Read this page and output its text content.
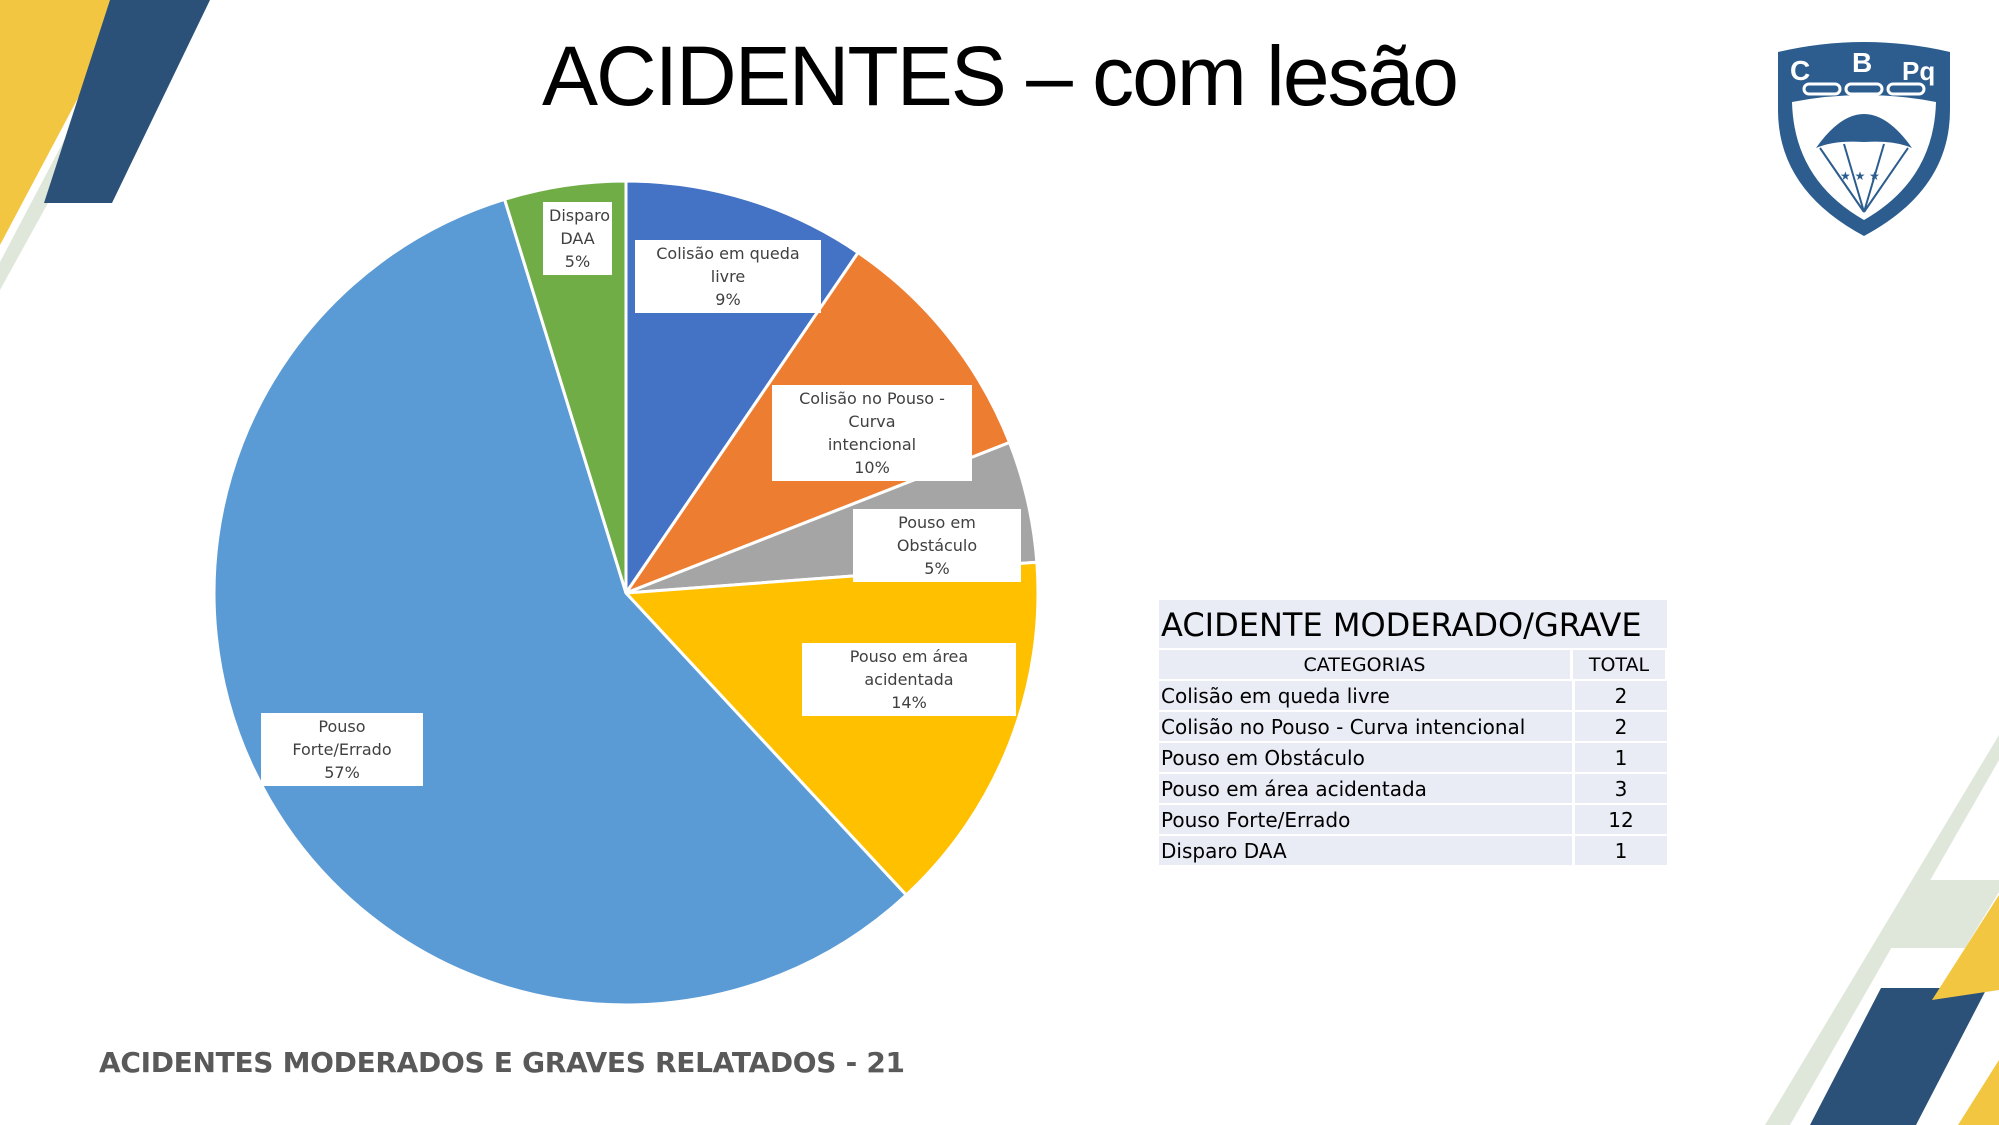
ACIDENTES – com lesão	C B Pq
★ ★ ★
Colisão em queda livre
9%
Colisão no Pouso - Curva
intencional
10%
Pouso em Obstáculo
5%
Pouso em área acidentada
14%
Pouso Forte/Errado
57%
Disparo
DAA
5%
ACIDENTE MODERADO/GRAVE
CATEGORIAS	TOTAL
Colisão em queda livre	2
Colisão no Pouso - Curva intencional	2
Pouso em Obstáculo	1
Pouso em área acidentada	3
Pouso Forte/Errado	12
Disparo DAA	1
ACIDENTES MODERADOS E GRAVES RELATADOS - 21
